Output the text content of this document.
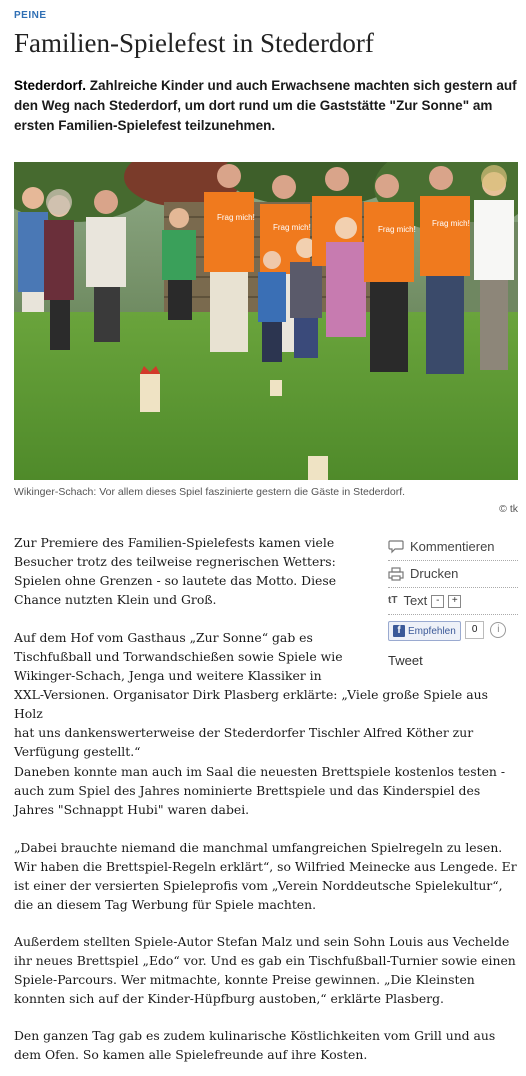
PEINE
Familien-Spielefest in Stederdorf

Stederdorf. Zahlreiche Kinder und auch Erwachsene machten sich gestern auf den Weg nach Stederdorf, um dort rund um die Gaststätte "Zur Sonne" am ersten Familien-Spielefest teilzunehmen.

Frag mich!
Frag mich!	Frag mich!
Frag mich!
Wikinger-Schach: Vor allem dieses Spiel faszinierte gestern die Gäste in Stederdorf.
© tk

Zur Premiere des Familien-Spielefests kamen viele
Besucher trotz des teilweise regnerischen Wetters:
Spielen ohne Grenzen - so lautete das Motto. Diese
Chance nutzten Klein und Groß.

Auf dem Hof vom Gasthaus „Zur Sonne“ gab es
Tischfußball und Torwandschießen sowie Spiele wie
Wikinger-Schach, Jenga und weitere Klassiker in
XXL-Versionen. Organisator Dirk Plasberg erklärte: „Viele große Spiele aus Holz
hat uns dankenswerterweise der Stederdorfer Tischler Alfred Köther zur
Verfügung gestellt.“

Daneben konnte man auch im Saal die neuesten Brettspiele kostenlos testen - auch zum Spiel des Jahres nominierte Brettspiele und das Kinderspiel des Jahres "Schnappt Hubi" waren dabei.

„Dabei brauchte niemand die manchmal umfangreichen Spielregeln zu lesen. Wir haben die Brettspiel-Regeln erklärt“, so Wilfried Meinecke aus Lengede. Er ist einer der versierten Spieleprofis vom „Verein Norddeutsche Spielekultur“, die an diesem Tag Werbung für Spiele machten.

Außerdem stellten Spiele-Autor Stefan Malz und sein Sohn Louis aus Vechelde ihr neues Brettspiel „Edo“ vor. Und es gab ein Tischfußball-Turnier sowie einen Spiele-Parcours. Wer mitmachte, konnte Preise gewinnen. „Die Kleinsten konnten sich auf der Kinder-Hüpfburg austoben,“ erklärte Plasberg.

Den ganzen Tag gab es zudem kulinarische Köstlichkeiten vom Grill und aus dem Ofen. So kamen alle Spielefreunde auf ihre Kosten.

Kommentieren
Drucken
tT Text -	+
f Empfehlen 0 i
Tweet
